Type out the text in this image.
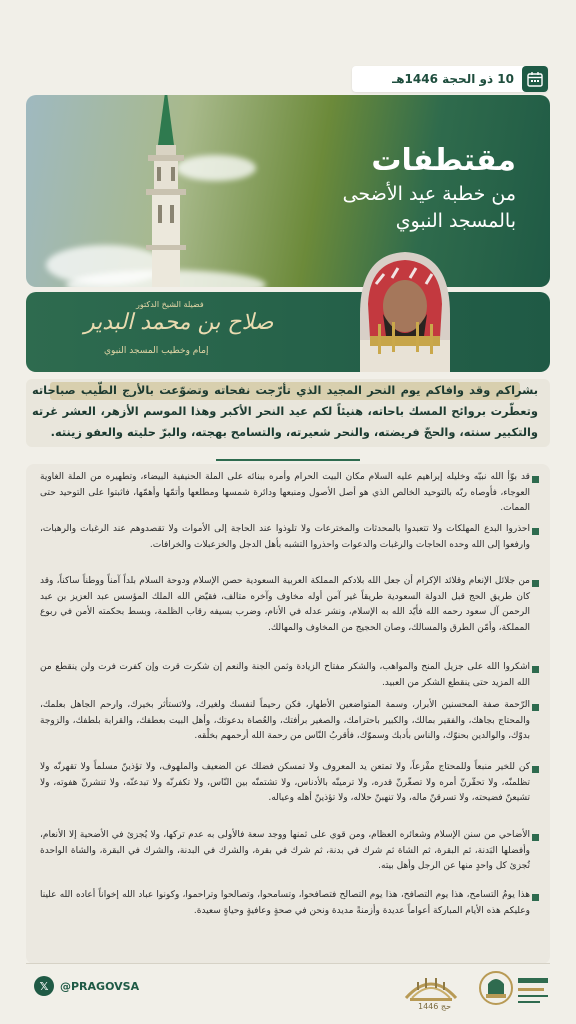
10 ذو الحجة 1446هـ
مقتطفات

من خطبة عيد الأضحى
بالمسجد النبوي

فضيلة الشيخ الدكتور
صلاح بن محمد البدير
إمام وخطيب المسجد النبوي

بشراكم وقد وافاكم يوم النحر المجيد الذي تأرّجت نفحاته وتضوّعت بالأرج الطّيب صباحاته وتعطّرت بروائح المسك باحاته، هنيئاً لكم عيد النحر الأكبر وهذا الموسم الأزهر، العشر غرته والتكبير سنته، والحجّ فريضته، والنحر شعيرته، والتسامح بهجته، والبرّ حليته والعفو زينته.

قد بوّأ الله نبيّه وخليله إبراهيم عليه السلام مكان البيت الحرام وأمره ببنائه على الملة الحنيفية البيضاء، وتطهيره من الملة الغاوية العوجاء، فأوصاه ربّه بالتوحيد الخالص الذي هو أصل الأصول ومنبعها ودائرة شمسها ومطلعها وأتمّها وأهمّها، فاثبتوا على التوحيد حتى الممات.

احذروا البدع المهلكات ولا تتعبدوا بالمحدثات والمخترعات ولا تلوذوا عند الحاجة إلى الأموات ولا تقصدوهم عند الرغبات والرهبات، وارفعوا إلى الله وحده الحاجات والرغبات والدعوات واحذروا التشبه بأهل الدجل والخزعبلات والخرافات.

من جلائل الإنعام وقلائد الإكرام أن جعل الله بلادكم المملكة العربية السعودية حصن الإسلام ودوحة السلام بلداً آمناً ووطناً ساكناً، وقد كان طريق الحج قبل الدولة السعودية طريقاً غير آمن أوله مخاوف وآخره متالف، فقيّض الله الملك المؤسس عبد العزيز بن عبد الرحمن آل سعود رحمه الله فأيّد الله به الإسلام، ونشر عدله في الأنام، وضرب بسيفه رقاب الظلمة، وبسط بحكمته الأمن في ربوع المملكة، وأمّن الطرق والمسالك، وصان الحجيج من المخاوف والمهالك.

اشكروا الله على جزيل المنح والمواهب، والشكر مفتاح الزيادة وثمن الجنة والنعم إن شكرت قرت وإن كفرت فرت ولن ينقطع من الله المزيد حتى ينقطع الشكر من العبيد.

الرّحمة صفة المحسنين الأبرار، وسمة المتواضعين الأطهار، فكن رحيماً لنفسك ولغيرك، ولاتستأثر بخيرك، وارحم الجاهل بعلمك، والمحتاج بجاهك، والفقير بمالك، والكبير باحترامك، والصغير برأفتك، والعُصاة بدعوتك، وأهل البيت بعطفك، والقرابة بلطفك، والزوجة بدوّك، والوالدين بحنوّك، والناس بأدبك وسموّك، فأقربُ النّاس من رحمة الله أرحمهم بخلْقه.

كن للخير منبعاً وللمحتاج مفْزعاً، ولا تمتعن يد المعروف ولا تمسكن فضلك عن الضعيف والملهوف، ولا تؤذينّ مسلماً ولا تقهرنّه ولا تظلمنّه، ولا تحقّرنّ أمره ولا تصغّرنّ قدره، ولا ترمينّه بالأدناس، ولا تشتمنّه بين النّاس، ولا تكفرنّه ولا تبدعنّه، ولا تنشرنّ هفوته، ولا تشيعنّ فضيحته، ولا تسرقنّ ماله، ولا تنهبنّ حلاله، ولا تؤذينّ أهله وعياله.

الأضاحي من سنن الإسلام وشعائره العظام، ومن قوي على ثمنها ووجد سعة فالأولى به عدم تركها، ولا يُجزئ في الأضحية إلا الأنعام، وأفضلها البَدنة، ثم البقرة، ثم الشاة ثم شرك في بدنة، ثم شرك في بقرة، والشرك في البدنة، والشرك في البقرة، والشاة الواحدة تُجزئ كل واحدٍ منها عن الرجل وأهل بيته.

هذا يومُ التسامح، هذا يوم التصافح، هذا يوم التصالح فتصافحوا، وتسامحوا، وتصالحوا وتراحموا، وكونوا عباد الله إخواناً أعاده الله علينا وعليكم هذه الأيام المباركة أعواماً عديدة وأزمنةً مديدة ونحن في صحةٍ وعافيةٍ وحياةٍ سعيدة.

𝕏	@PRAGOVSA
حج 1446
